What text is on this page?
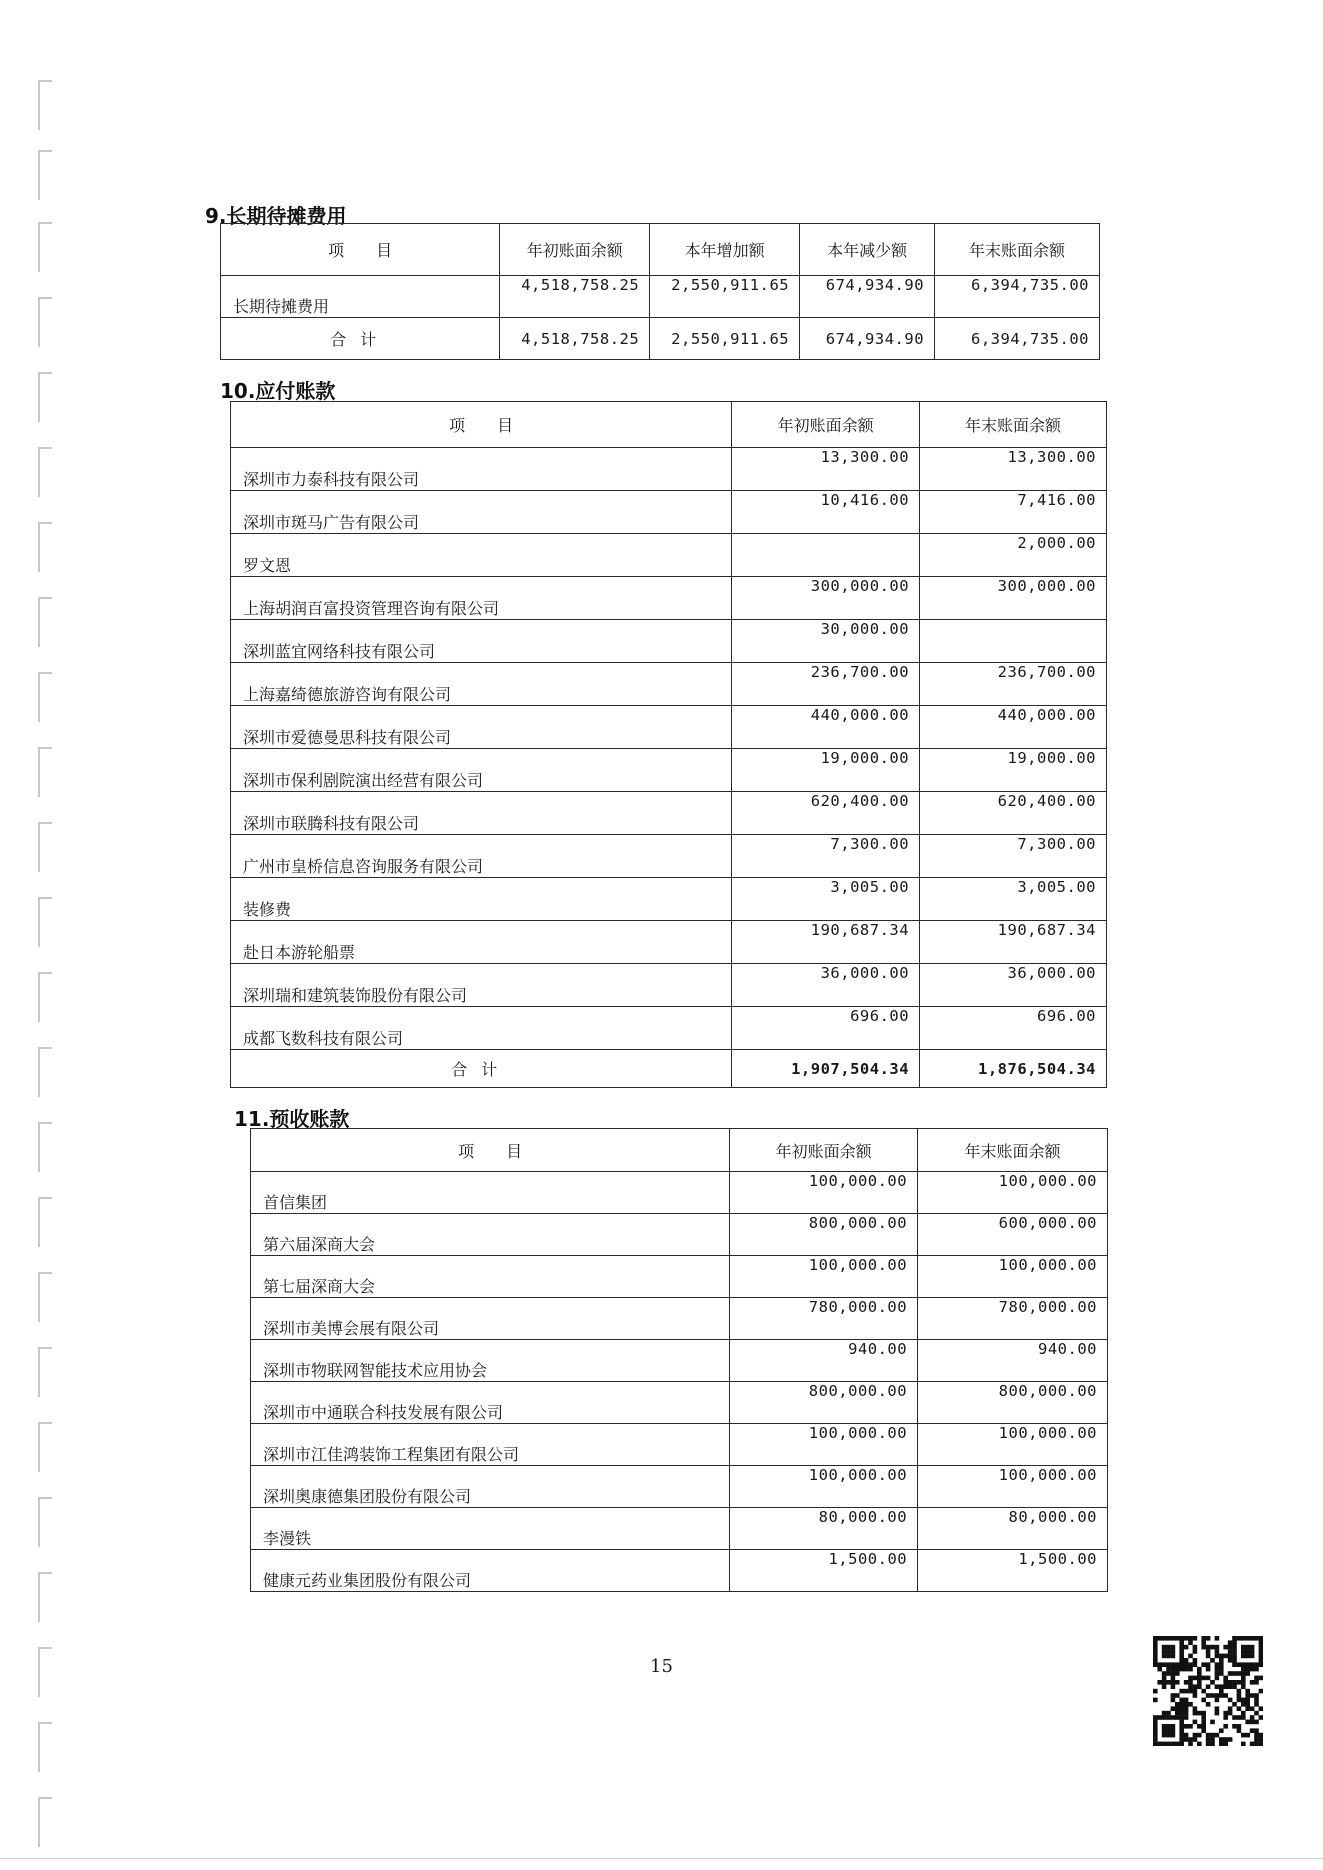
9.长期待摊费用
项　　目	年初账面余额	本年增加额	本年减少额	年末账面余额
长期待摊费用	4,518,758.25	2,550,911.65	674,934.90	6,394,735.00
合计	4,518,758.25	2,550,911.65	674,934.90	6,394,735.00
10.应付账款
项　　目	年初账面余额	年末账面余额
深圳市力泰科技有限公司	13,300.00	13,300.00
深圳市斑马广告有限公司	10,416.00	7,416.00
罗文恩		2,000.00
上海胡润百富投资管理咨询有限公司	300,000.00	300,000.00
深圳蓝宜网络科技有限公司	30,000.00	
上海嘉绮德旅游咨询有限公司	236,700.00	236,700.00
深圳市爱德曼思科技有限公司	440,000.00	440,000.00
深圳市保利剧院演出经营有限公司	19,000.00	19,000.00
深圳市联腾科技有限公司	620,400.00	620,400.00
广州市皇桥信息咨询服务有限公司	7,300.00	7,300.00
装修费	3,005.00	3,005.00
赴日本游轮船票	190,687.34	190,687.34
深圳瑞和建筑装饰股份有限公司	36,000.00	36,000.00
成都飞数科技有限公司	696.00	696.00
合计	1,907,504.34	1,876,504.34
11.预收账款
项　　目	年初账面余额	年末账面余额
首信集团	100,000.00	100,000.00
第六届深商大会	800,000.00	600,000.00
第七届深商大会	100,000.00	100,000.00
深圳市美博会展有限公司	780,000.00	780,000.00
深圳市物联网智能技术应用协会	940.00	940.00
深圳市中通联合科技发展有限公司	800,000.00	800,000.00
深圳市江佳鸿装饰工程集团有限公司	100,000.00	100,000.00
深圳奥康德集团股份有限公司	100,000.00	100,000.00
李漫铁	80,000.00	80,000.00
健康元药业集团股份有限公司	1,500.00	1,500.00
15
